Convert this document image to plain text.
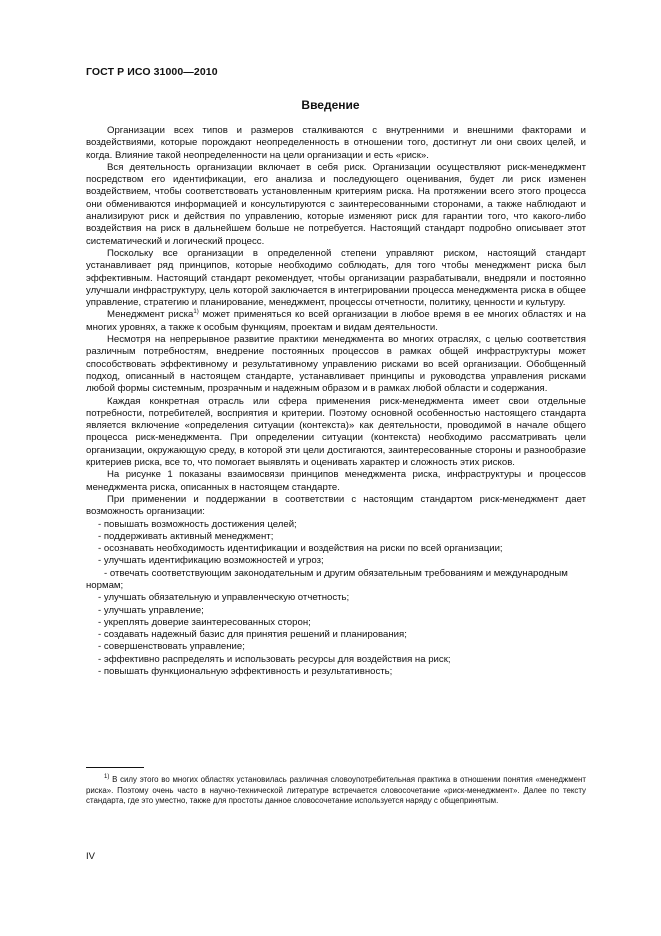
ГОСТ Р ИСО 31000—2010
Введение

Организации всех типов и размеров сталкиваются с внутренними и внешними факторами и воздействиями, которые порождают неопределенность в отношении того, достигнут ли они своих целей, и когда. Влияние такой неопределенности на цели организации и есть «риск».

Вся деятельность организации включает в себя риск. Организации осуществляют риск-менеджмент посредством его идентификации, его анализа и последующего оценивания, будет ли риск изменен воздействием, чтобы соответствовать установленным критериям риска. На протяжении всего этого процесса они обмениваются информацией и консультируются с заинтересованными сторонами, а также наблюдают и анализируют риск и действия по управлению, которые изменяют риск для гарантии того, что какого-либо воздействия на риск в дальнейшем больше не потребуется. Настоящий стандарт подробно описывает этот систематический и логический процесс.

Поскольку все организации в определенной степени управляют риском, настоящий стандарт устанавливает ряд принципов, которые необходимо соблюдать, для того чтобы менеджмент риска был эффективным. Настоящий стандарт рекомендует, чтобы организации разрабатывали, внедряли и постоянно улучшали инфраструктуру, цель которой заключается в интегрировании процесса менеджмента риска в общее управление, стратегию и планирование, менеджмент, процессы отчетности, политику, ценности и культуру.

Менеджмент риска$^{1)}$ может применяться ко всей организации в любое время в ее многих областях и на многих уровнях, а также к особым функциям, проектам и видам деятельности.

Несмотря на непрерывное развитие практики менеджмента во многих отраслях, с целью соответствия различным потребностям, внедрение постоянных процессов в рамках общей инфраструктуры может способствовать эффективному и результативному управлению рисками во всей организации. Обобщенный подход, описанный в настоящем стандарте, устанавливает принципы и руководства управления рисками любой формы системным, прозрачным и надежным образом и в рамках любой области и содержания.

Каждая конкретная отрасль или сфера применения риск-менеджмента имеет свои отдельные потребности, потребителей, восприятия и критерии. Поэтому основной особенностью настоящего стандарта является включение «определения ситуации (контекста)» как деятельности, проводимой в начале общего процесса риск-менеджмента. При определении ситуации (контекста) необходимо рассматривать цели организации, окружающую среду, в которой эти цели достигаются, заинтересованные стороны и разнообразие критериев риска, все то, что помогает выявлять и оценивать характер и сложность этих рисков.

На рисунке 1 показаны взаимосвязи принципов менеджмента риска, инфраструктуры и процессов менеджмента риска, описанных в настоящем стандарте.

При применении и поддержании в соответствии с настоящим стандартом риск-менеджмент дает возможность организации:

- повышать возможность достижения целей;
- поддерживать активный менеджмент;
- осознавать необходимость идентификации и воздействия на риски по всей организации;
- улучшать идентификацию возможностей и угроз;
- отвечать соответствующим законодательным и другим обязательным требованиям и международным нормам;
- улучшать обязательную и управленческую отчетность;
- улучшать управление;
- укреплять доверие заинтересованных сторон;
- создавать надежный базис для принятия решений и планирования;
- совершенствовать управление;
- эффективно распределять и использовать ресурсы для воздействия на риск;
- повышать функциональную эффективность и результативность;
$^{1)}$ В силу этого во многих областях установилась различная словоупотребительная практика в отношении понятия «менеджмент риска». Поэтому очень часто в научно-технической литературе встречается словосочетание «риск-менеджмент». Далее по тексту стандарта, где это уместно, также для простоты данное словосочетание используется наряду с общепринятым.
IV
